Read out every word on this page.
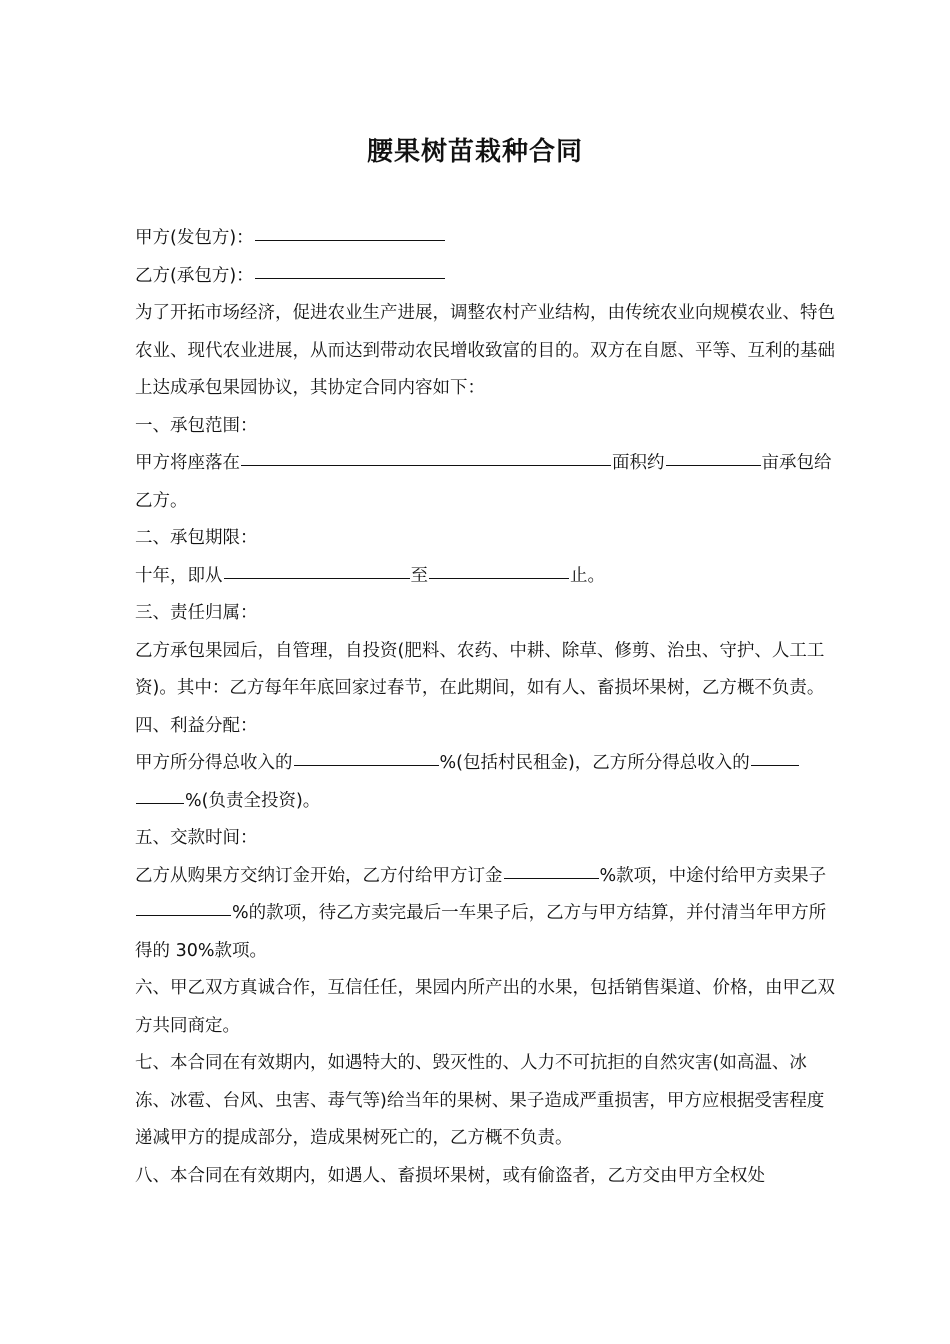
腰果树苗栽种合同

甲方(发包方)：

乙方(承包方)：

为了开拓市场经济，促进农业生产进展，调整农村产业结构，由传统农业向规模农业、特色农业、现代农业进展，从而达到带动农民增收致富的目的。双方在自愿、平等、互利的基础上达成承包果园协议，其协定合同内容如下：

一、承包范围：

甲方将座落在	面积约	亩承包给乙方。

二、承包期限：

十年，即从	至	止。

三、责任归属：

乙方承包果园后，自管理，自投资(肥料、农药、中耕、除草、修剪、治虫、守护、人工工资)。其中：乙方每年年底回家过春节，在此期间，如有人、畜损坏果树，乙方概不负责。

四、利益分配：

甲方所分得总收入的	%(包括村民租金)，乙方所分得总收入的%(负责全投资)。

五、交款时间：

乙方从购果方交纳订金开始，乙方付给甲方订金	%款项，中途付给甲方卖果子%的款项，待乙方卖完最后一车果子后，乙方与甲方结算，并付清当年甲方所得的 30%款项。

六、甲乙双方真诚合作，互信任任，果园内所产出的水果，包括销售渠道、价格，由甲乙双方共同商定。

七、本合同在有效期内，如遇特大的、毁灭性的、人力不可抗拒的自然灾害(如高温、冰冻、冰雹、台风、虫害、毒气等)给当年的果树、果子造成严重损害，甲方应根据受害程度递减甲方的提成部分，造成果树死亡的，乙方概不负责。

八、本合同在有效期内，如遇人、畜损坏果树，或有偷盗者，乙方交由甲方全权处
